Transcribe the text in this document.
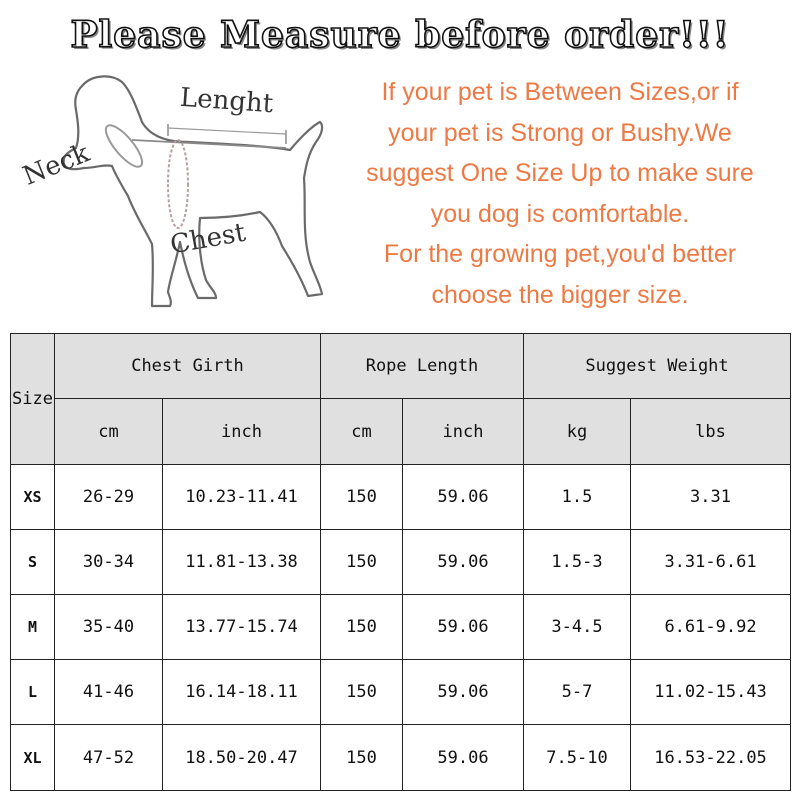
Please Measure before order!!!
Lenght
Neck
Chest

If your pet is Between Sizes,or if

your pet is Strong or Bushy.We

suggest One Size Up to make sure

you dog is comfortable.

For the growing pet,you'd better

choose the bigger size.

Size	Chest Girth		Rope Length		Suggest Weight	
	cm	inch	cm	inch	kg	lbs
XS	26-29	10.23-11.41	150	59.06	1.5	3.31
S	30-34	11.81-13.38	150	59.06	1.5-3	3.31-6.61
M	35-40	13.77-15.74	150	59.06	3-4.5	6.61-9.92
L	41-46	16.14-18.11	150	59.06	5-7	11.02-15.43
XL	47-52	18.50-20.47	150	59.06	7.5-10	16.53-22.05
